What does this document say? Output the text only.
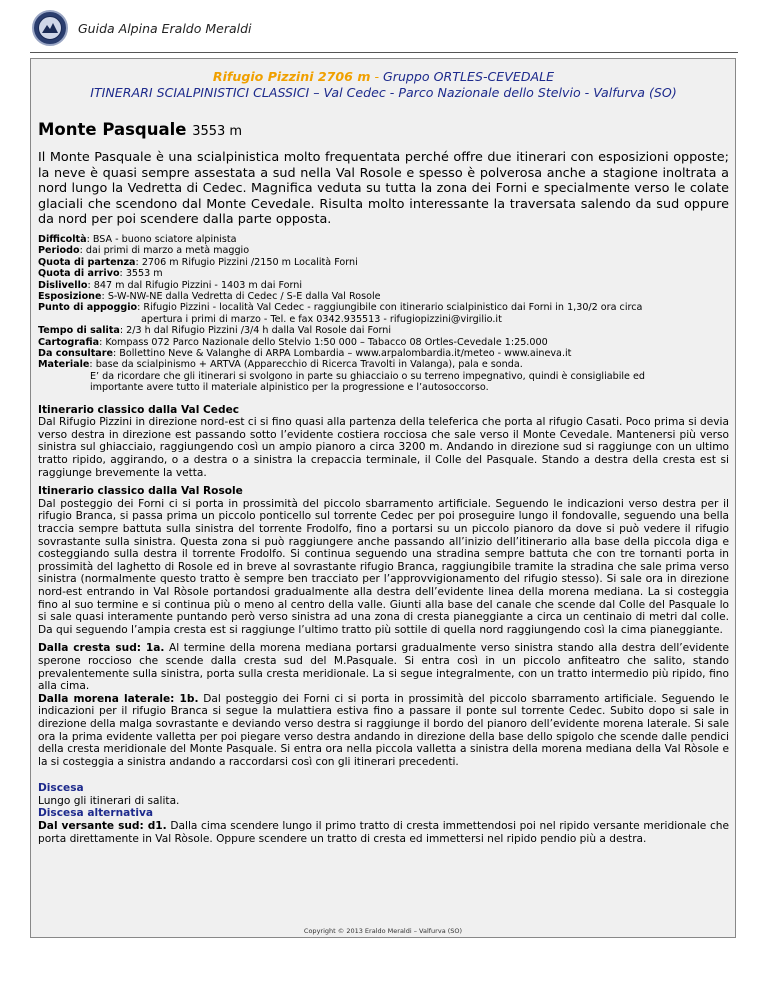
Guida Alpina Eraldo Meraldi
Rifugio Pizzini 2706 m - Gruppo ORTLES-CEVEDALE
ITINERARI SCIALPINISTICI CLASSICI – Val Cedec - Parco Nazionale dello Stelvio - Valfurva (SO)
Monte Pasquale 3553 m

Il Monte Pasquale è una scialpinistica molto frequentata perché offre due itinerari con esposizioni opposte; la neve è quasi sempre assestata a sud nella Val Rosole e spesso è polverosa anche a stagione inoltrata a nord lungo la Vedretta di Cedec. Magnifica veduta su tutta la zona dei Forni e specialmente verso le colate glaciali che scendono dal Monte Cevedale. Risulta molto interessante la traversata salendo da sud oppure da nord per poi scendere dalla parte opposta.

Difficoltà: BSA - buono sciatore alpinista
Periodo: dai primi di marzo a metà maggio
Quota di partenza: 2706 m Rifugio Pizzini /2150 m Località Forni
Quota di arrivo: 3553 m
Dislivello: 847 m dal Rifugio Pizzini - 1403 m dai Forni
Esposizione: S-W-NW-NE dalla Vedretta di Cedec / S-E dalla Val Rosole
Punto di appoggio: Rifugio Pizzini - località Val Cedec - raggiungibile con itinerario scialpinistico dai Forni in 1,30/2 ora circa
apertura i primi di marzo - Tel. e fax 0342.935513 - rifugiopizzini@virgilio.it
Tempo di salita: 2/3 h dal Rifugio Pizzini /3/4 h dalla Val Rosole dai Forni
Cartografia: Kompass 072 Parco Nazionale dello Stelvio 1:50 000 – Tabacco 08 Ortles-Cevedale 1:25.000
Da consultare: Bollettino Neve & Valanghe di ARPA Lombardia – www.arpalombardia.it/meteo - www.aineva.it
Materiale: base da scialpinismo + ARTVA (Apparecchio di Ricerca Travolti in Valanga), pala e sonda.
E’ da ricordare che gli itinerari si svolgono in parte su ghiacciaio o su terreno impegnativo, quindi è consigliabile ed
importante avere tutto il materiale alpinistico per la progressione e l’autosoccorso.

Itinerario classico dalla Val Cedec

Dal Rifugio Pizzini in direzione nord-est ci si fino quasi alla partenza della teleferica che porta al rifugio Casati. Poco prima si devia verso destra in direzione est passando sotto l’evidente costiera rocciosa che sale verso il Monte Cevedale. Mantenersi più verso sinistra sul ghiacciaio, raggiungendo così un ampio pianoro a circa 3200 m. Andando in direzione sud si raggiunge con un ultimo tratto ripido, aggirando, o a destra o a sinistra la crepaccia terminale, il Colle del Pasquale. Stando a destra della cresta est si raggiunge brevemente la vetta.

Itinerario classico dalla Val Rosole

Dal posteggio dei Forni ci si porta in prossimità del piccolo sbarramento artificiale. Seguendo le indicazioni verso destra per il rifugio Branca, si passa prima un piccolo ponticello sul torrente Cedec per poi proseguire lungo il fondovalle, seguendo una bella traccia sempre battuta sulla sinistra del torrente Frodolfo, fino a portarsi su un piccolo pianoro da dove si può vedere il rifugio sovrastante sulla sinistra. Questa zona si può raggiungere anche passando all’inizio dell’itinerario alla base della piccola diga e costeggiando sulla destra il torrente Frodolfo. Si continua seguendo una stradina sempre battuta che con tre tornanti porta in prossimità del laghetto di Rosole ed in breve al sovrastante rifugio Branca, raggiungibile tramite la stradina che sale prima verso sinistra (normalmente questo tratto è sempre ben tracciato per l’approvvigionamento del rifugio stesso). Si sale ora in direzione nord-est entrando in Val Ròsole portandosi gradualmente alla destra dell’evidente linea della morena mediana. La si costeggia fino al suo termine e si continua più o meno al centro della valle. Giunti alla base del canale che scende dal Colle del Pasquale lo si sale quasi interamente puntando però verso sinistra ad una zona di cresta pianeggiante a circa un centinaio di metri dal colle. Da qui seguendo l’ampia cresta est si raggiunge l’ultimo tratto più sottile di quella nord raggiungendo così la cima pianeggiante.

Dalla cresta sud: 1a. Al termine della morena mediana portarsi gradualmente verso sinistra stando alla destra dell’evidente sperone roccioso che scende dalla cresta sud del M.Pasquale. Si entra così in un piccolo anfiteatro che salito, stando prevalentemente sulla sinistra, porta sulla cresta meridionale. La si segue integralmente, con un tratto intermedio più ripido, fino alla cima.

Dalla morena laterale: 1b. Dal posteggio dei Forni ci si porta in prossimità del piccolo sbarramento artificiale. Seguendo le indicazioni per il rifugio Branca si segue la mulattiera estiva fino a passare il ponte sul torrente Cedec. Subito dopo si sale in direzione della malga sovrastante e deviando verso destra si raggiunge il bordo del pianoro dell’evidente morena laterale. Si sale ora la prima evidente valletta per poi piegare verso destra andando in direzione della base dello spigolo che scende dalle pendici della cresta meridionale del Monte Pasquale. Si entra ora nella piccola valletta a sinistra della morena mediana della Val Ròsole e la si costeggia a sinistra andando a raccordarsi così con gli itinerari precedenti.

Discesa

Lungo gli itinerari di salita.

Discesa alternativa

Dal versante sud: d1. Dalla cima scendere lungo il primo tratto di cresta immettendosi poi nel ripido versante meridionale che porta direttamente in Val Ròsole. Oppure scendere un tratto di cresta ed immettersi nel ripido pendio più a destra.

Copyright © 2013 Eraldo Meraldi – Valfurva (SO)
